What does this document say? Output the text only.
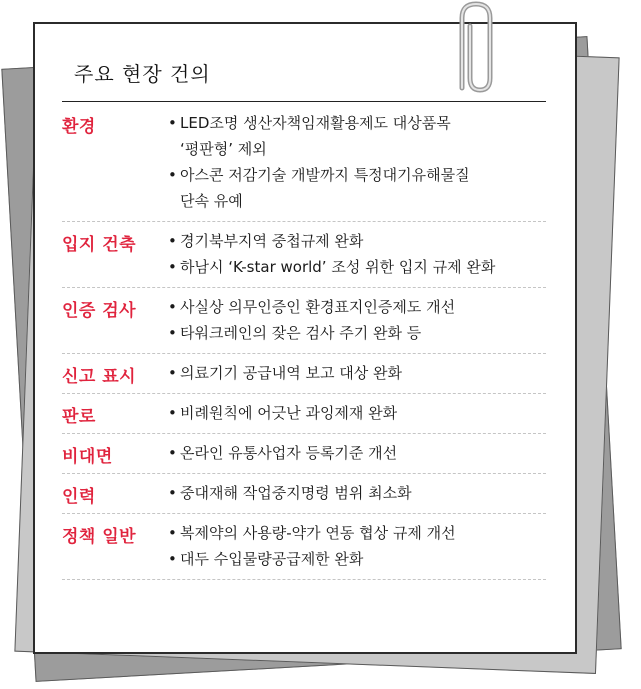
주요 현장 건의
환경	• LED조명 생산자책임재활용제도 대상품목
‘평판형’ 제외
• 아스콘 저감기술 개발까지 특정대기유해물질
단속 유예
입지 건축	• 경기북부지역 중첩규제 완화
• 하남시 ‘K-star world’ 조성 위한 입지 규제 완화
인증 검사	• 사실상 의무인증인 환경표지인증제도 개선
• 타워크레인의 잦은 검사 주기 완화 등
신고 표시	• 의료기기 공급내역 보고 대상 완화
판로	• 비례원칙에 어긋난 과잉제재 완화
비대면	• 온라인 유통사업자 등록기준 개선
인력	• 중대재해 작업중지명령 범위 최소화
정책 일반	• 복제약의 사용량-약가 연동 협상 규제 개선
• 대두 수입물량공급제한 완화
